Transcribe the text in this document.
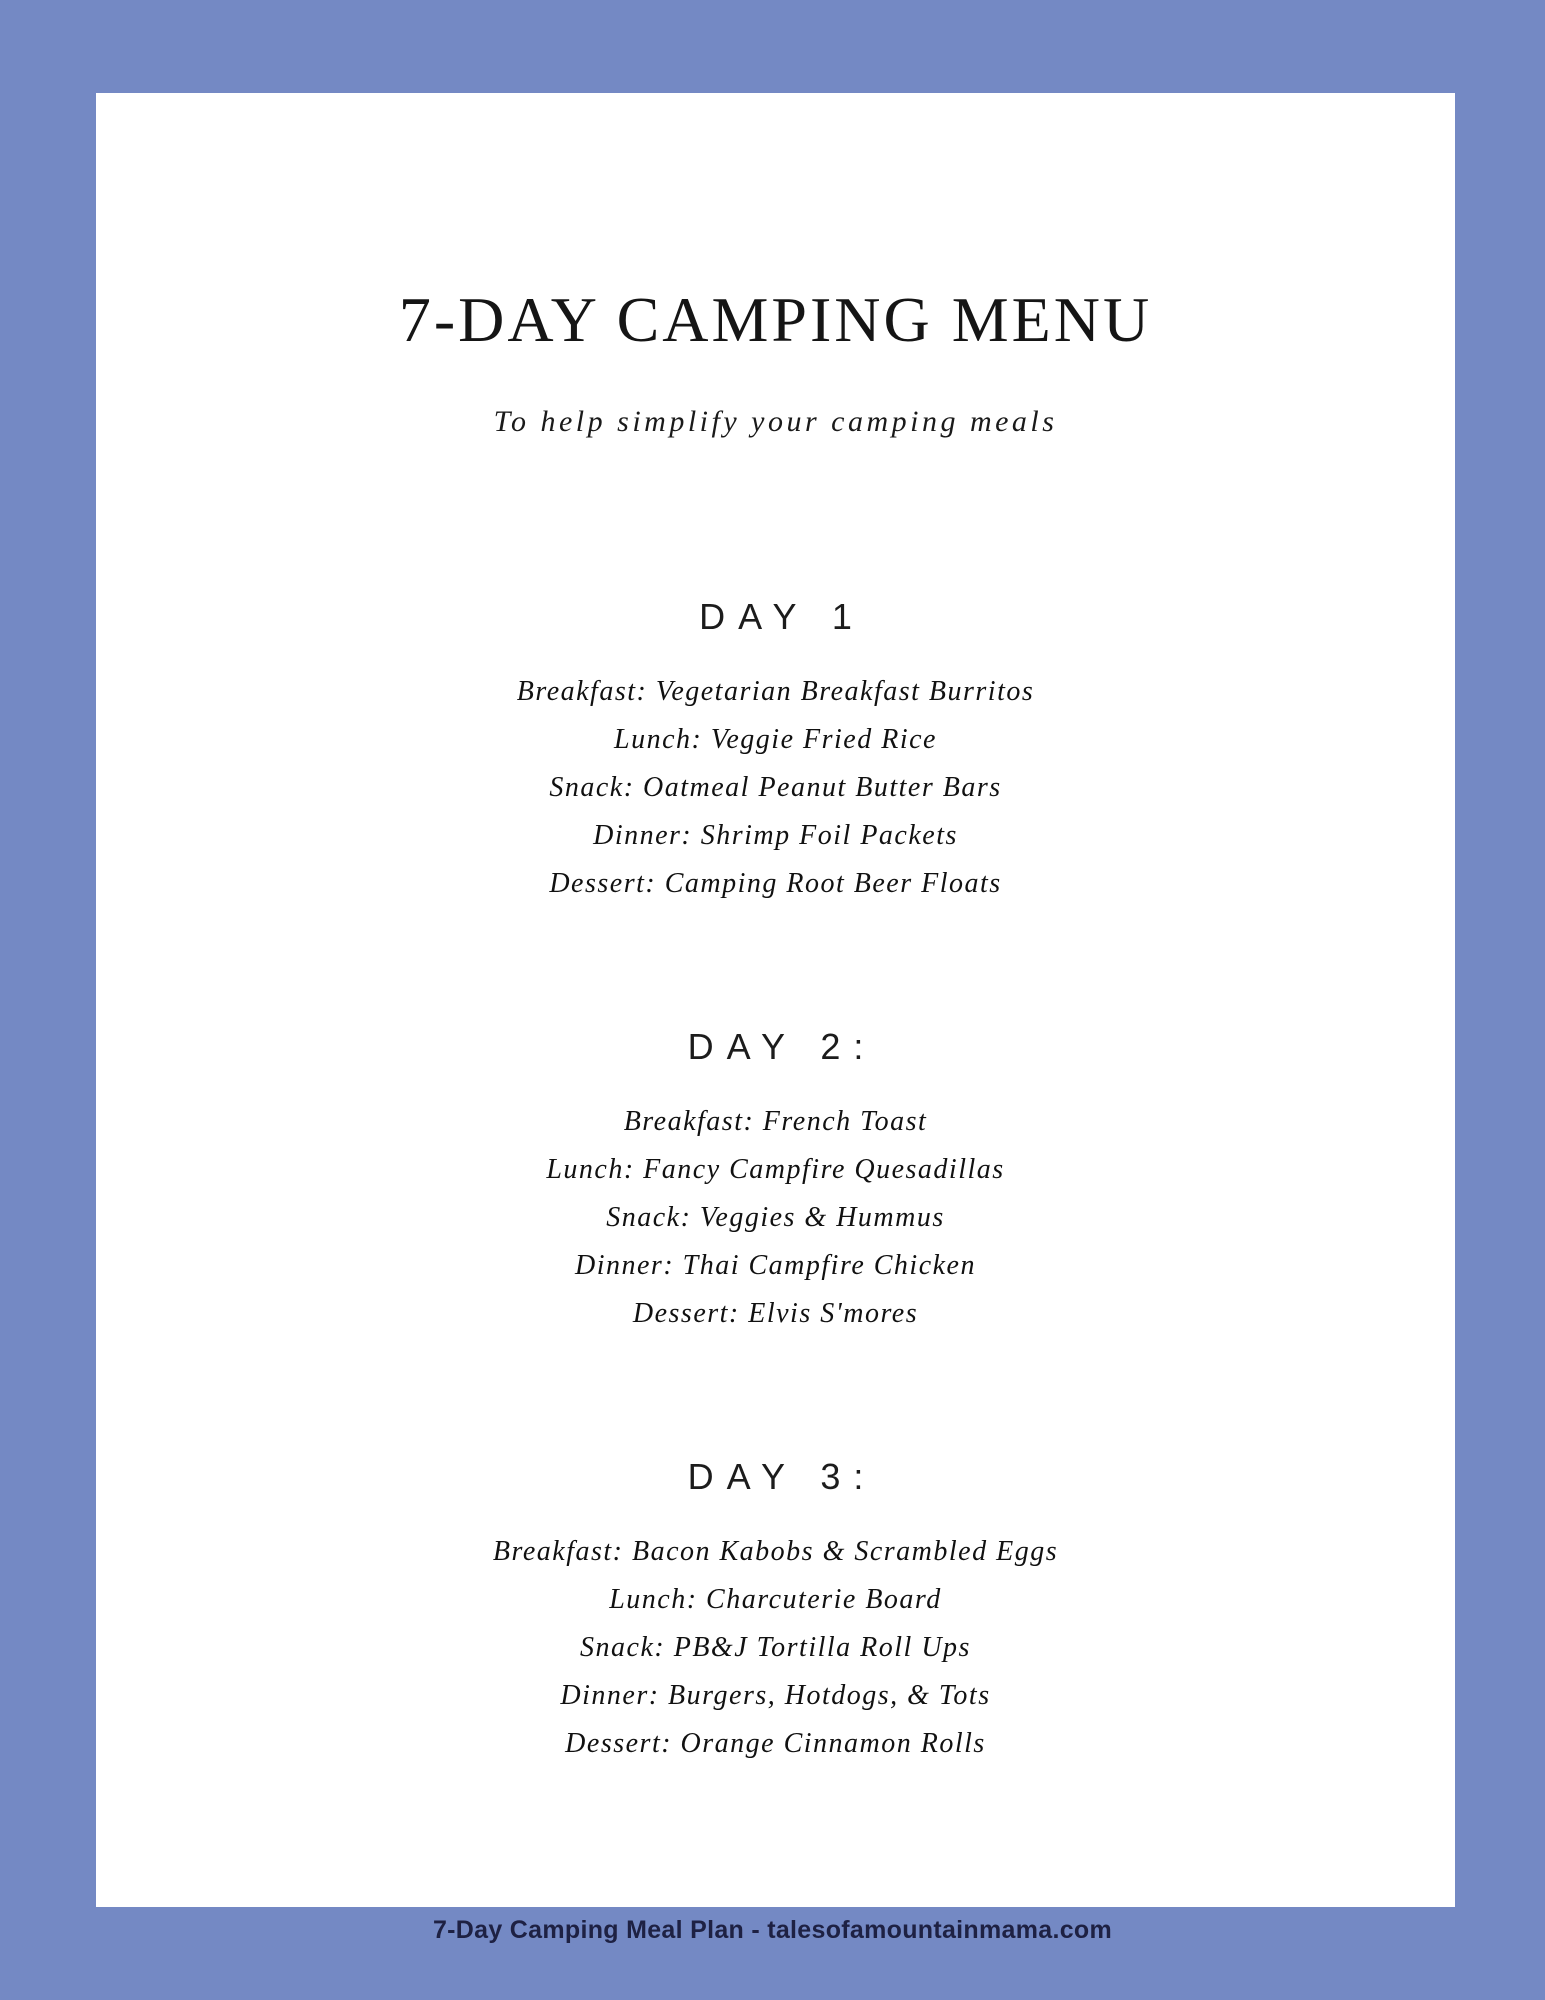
7-DAY CAMPING MENU
To help simplify your camping meals
DAY 1

Breakfast: Vegetarian Breakfast Burritos

Lunch: Veggie Fried Rice

Snack: Oatmeal Peanut Butter Bars

Dinner: Shrimp Foil Packets

Dessert: Camping Root Beer Floats

DAY 2:

Breakfast: French Toast

Lunch: Fancy Campfire Quesadillas

Snack: Veggies & Hummus

Dinner: Thai Campfire Chicken

Dessert: Elvis S'mores

DAY 3:

Breakfast: Bacon Kabobs & Scrambled Eggs

Lunch: Charcuterie Board

Snack: PB&J Tortilla Roll Ups

Dinner: Burgers, Hotdogs, & Tots

Dessert: Orange Cinnamon Rolls

7-Day Camping Meal Plan - talesofamountainmama.com
